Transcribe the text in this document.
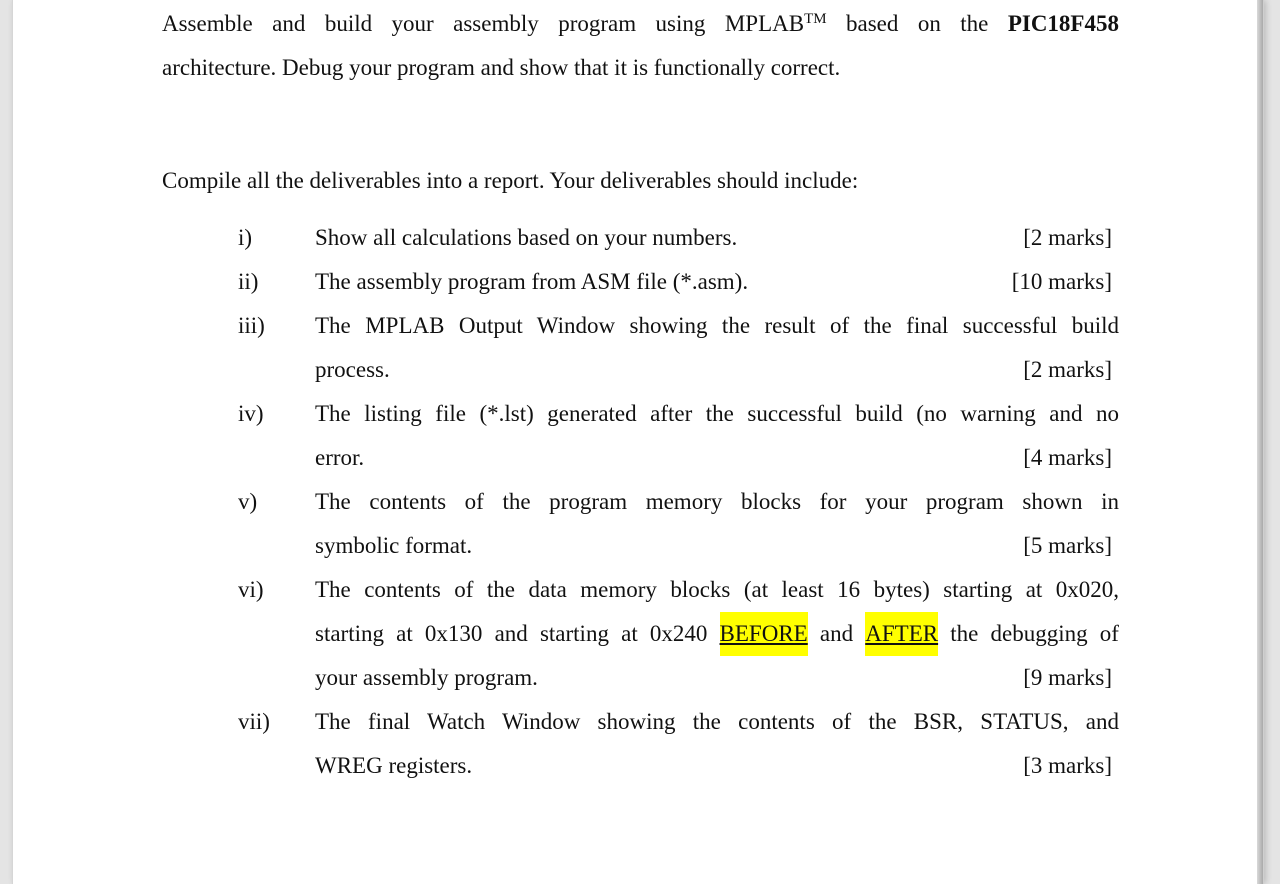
Assemble and build your assembly program using MPLAB™ based on the PIC18F458
architecture. Debug your program and show that it is functionally correct.
Compile all the deliverables into a report. Your deliverables should include:
i)	Show all calculations based on your numbers.	[2 marks]
ii) The assembly program from ASM file (*.asm).	[10 marks]
iii) The MPLAB Output Window showing the result of the final successful build
process.	[2 marks]
iv) The listing file (*.lst) generated after the successful build (no warning and no
error.	[4 marks]
v)	The contents of the program memory blocks for your program shown in
symbolic format.	[5 marks]
vi) The contents of the data memory blocks (at least 16 bytes) starting at 0x020,
starting at 0x130 and starting at 0x240 BEFORE and AFTER the debugging of
your assembly program.	[9 marks]
vii) The final Watch Window showing the contents of the BSR, STATUS, and
WREG registers.	[3 marks]
